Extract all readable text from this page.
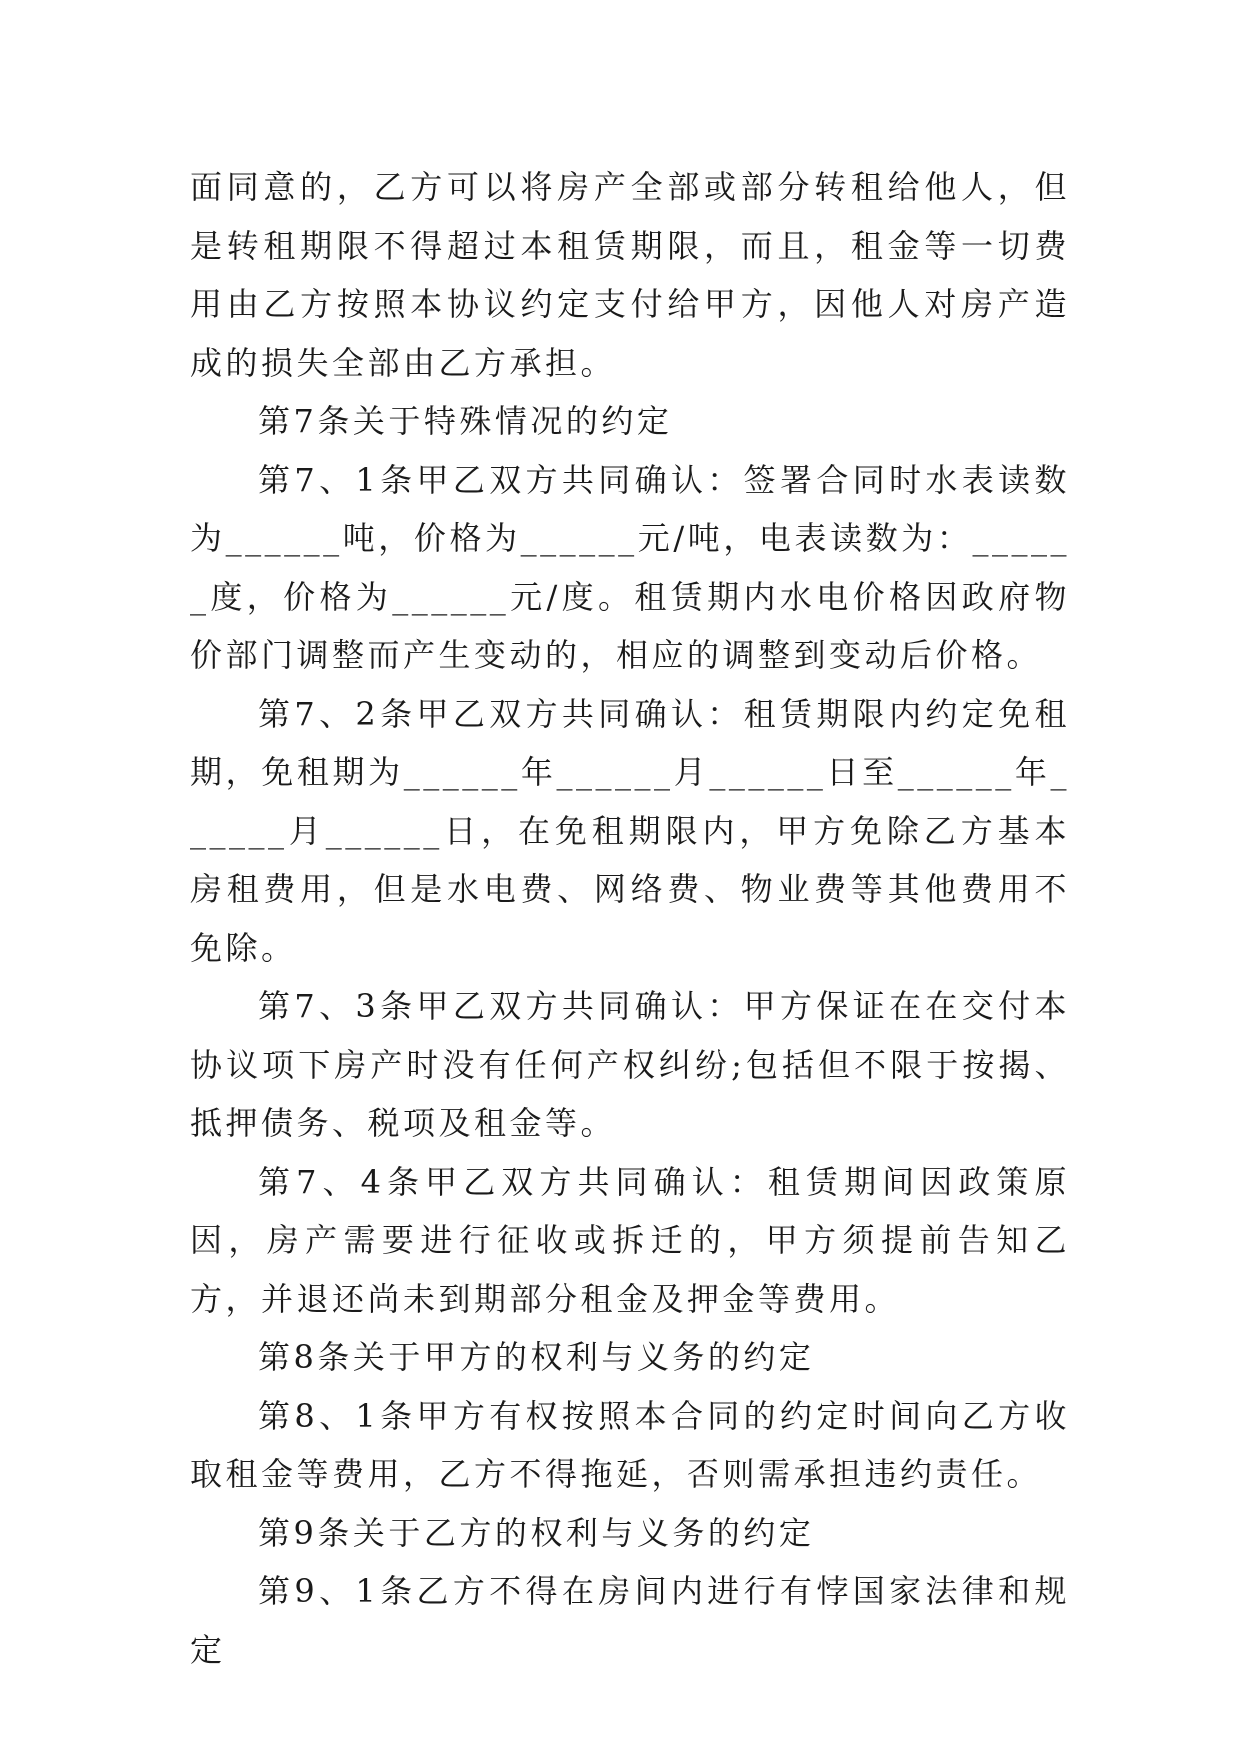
面同意的，乙方可以将房产全部或部分转租给他人，但是转租期限不得超过本租赁期限，而且，租金等一切费用由乙方按照本协议约定支付给甲方，因他人对房产造成的损失全部由乙方承担。

第7条关于特殊情况的约定

第7、1条甲乙双方共同确认：签署合同时水表读数为______吨，价格为______元/吨，电表读数为：______度，价格为______元/度。租赁期内水电价格因政府物价部门调整而产生变动的，相应的调整到变动后价格。

第7、2条甲乙双方共同确认：租赁期限内约定免租期，免租期为______年______月______日至______年______月______日，在免租期限内，甲方免除乙方基本房租费用，但是水电费、网络费、物业费等其他费用不免除。

第7、3条甲乙双方共同确认：甲方保证在在交付本协议项下房产时没有任何产权纠纷;包括但不限于按揭、抵押债务、税项及租金等。

第7、4条甲乙双方共同确认：租赁期间因政策原因，房产需要进行征收或拆迁的，甲方须提前告知乙方，并退还尚未到期部分租金及押金等费用。

第8条关于甲方的权利与义务的约定

第8、1条甲方有权按照本合同的约定时间向乙方收取租金等费用，乙方不得拖延，否则需承担违约责任。

第9条关于乙方的权利与义务的约定

第9、1条乙方不得在房间内进行有悖国家法律和规定
